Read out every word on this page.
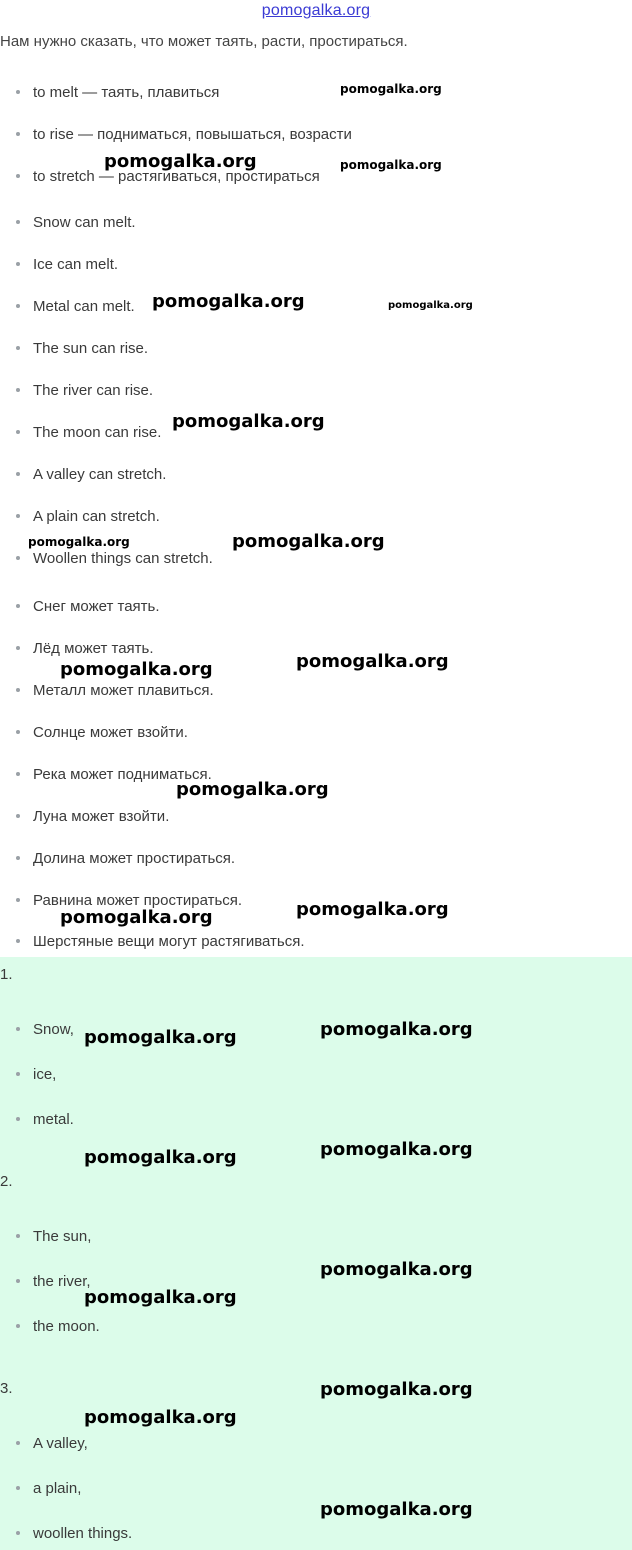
pomogalka.org
Нам нужно сказать, что может таять, расти, простираться.
to melt — таять, плавиться
to rise — подниматься, повышаться, возрасти
to stretch — растягиваться, простираться
Snow can melt.
Ice can melt.
Metal can melt.
The sun can rise.
The river can rise.
The moon can rise.
A valley can stretch.
A plain can stretch.
Woollen things can stretch.
Снег может таять.
Лёд может таять.
Металл может плавиться.
Солнце может взойти.
Река может подниматься.
Луна может взойти.
Долина может простираться.
Равнина может простираться.
Шерстяные вещи могут растягиваться.
1.
Snow,
ice,
metal.
2.
The sun,
the river,
the moon.
3.
A valley,
a plain,
woollen things.
pomogalka.org
pomogalka.org	pomogalka.org
pomogalka.org	pomogalka.org
pomogalka.org
pomogalka.org	pomogalka.org
pomogalka.org
pomogalka.org
pomogalka.org
pomogalka.org
pomogalka.org
pomogalka.org
pomogalka.org
pomogalka.org
pomogalka.org
pomogalka.org
pomogalka.org
pomogalka.org
pomogalka.org
pomogalka.org
